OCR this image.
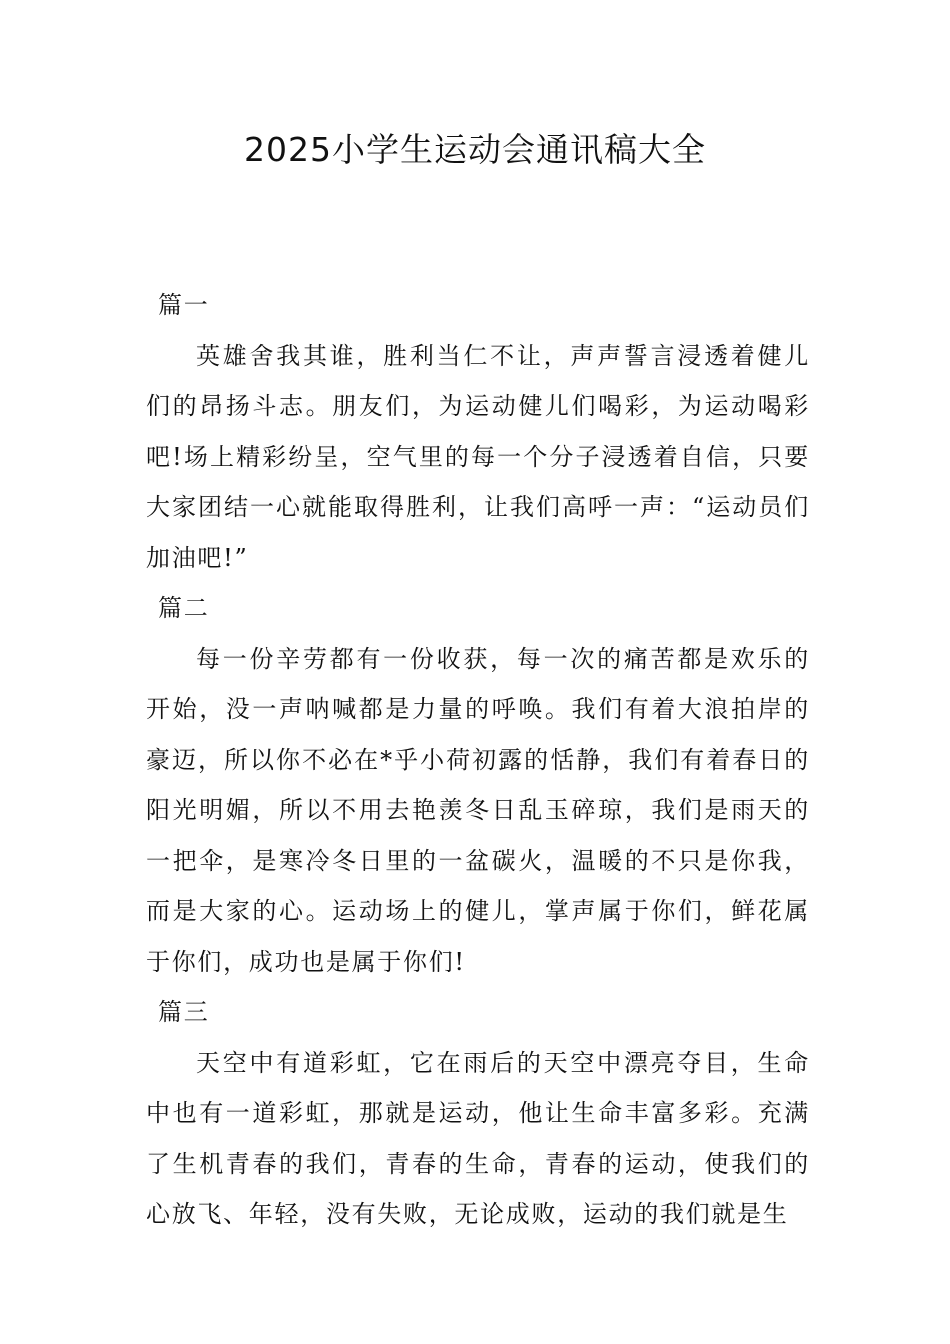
2025小学生运动会通讯稿大全
篇一

英雄舍我其谁，胜利当仁不让，声声誓言浸透着健儿们的昂扬斗志。朋友们，为运动健儿们喝彩，为运动喝彩吧!场上精彩纷呈，空气里的每一个分子浸透着自信，只要大家团结一心就能取得胜利，让我们高呼一声：“运动员们加油吧!”

篇二

每一份辛劳都有一份收获，每一次的痛苦都是欢乐的开始，没一声呐喊都是力量的呼唤。我们有着大浪拍岸的豪迈，所以你不必在*乎小荷初露的恬静，我们有着春日的阳光明媚，所以不用去艳羡冬日乱玉碎琼，我们是雨天的一把伞，是寒冷冬日里的一盆碳火，温暖的不只是你我，而是大家的心。运动场上的健儿，掌声属于你们，鲜花属于你们，成功也是属于你们!

篇三

天空中有道彩虹，它在雨后的天空中漂亮夺目，生命中也有一道彩虹，那就是运动，他让生命丰富多彩。充满了生机青春的我们，青春的生命，青春的运动，使我们的心放飞、年轻，没有失败，无论成败，运动的我们就是生
